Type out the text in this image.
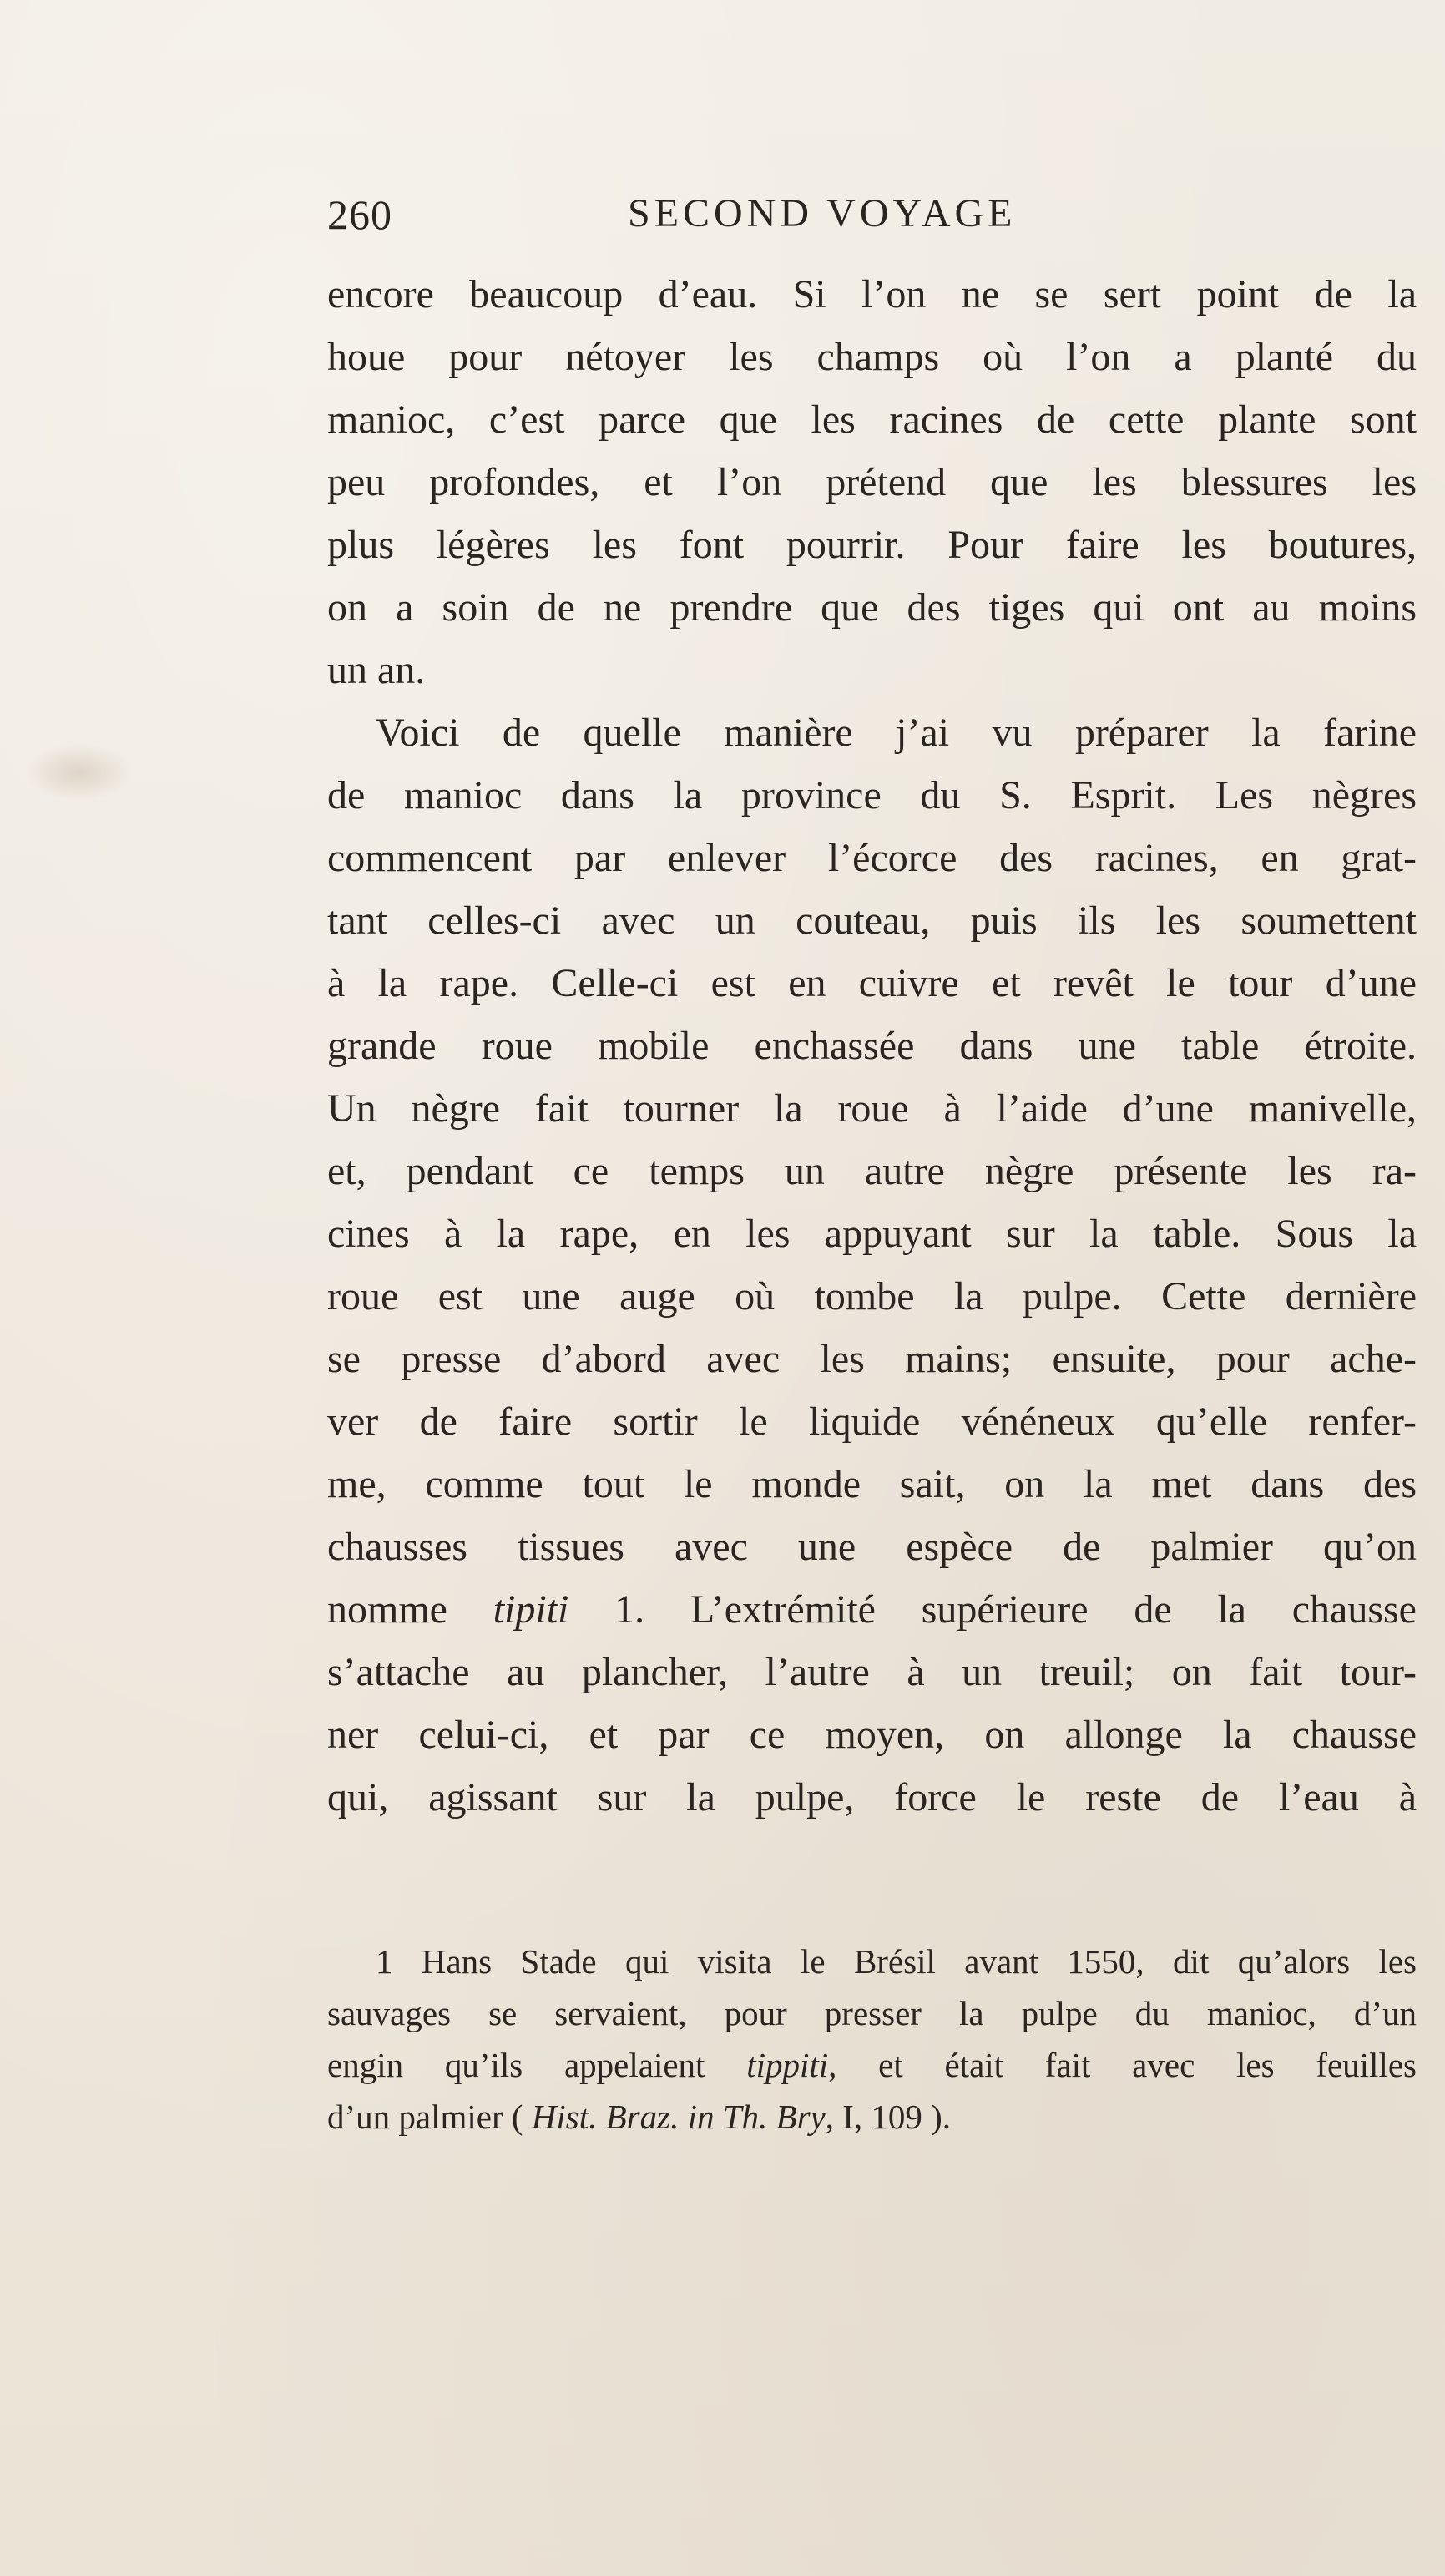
260	SECOND VOYAGE
encore beaucoup d’eau. Si l’on ne se sert point de la
houe pour nétoyer les champs où l’on a planté du
manioc, c’est parce que les racines de cette plante sont
peu profondes, et l’on prétend que les blessures les
plus légères les font pourrir. Pour faire les boutures,
on a soin de ne prendre que des tiges qui ont au moins
un an.
Voici de quelle manière j’ai vu préparer la farine
de manioc dans la province du S. Esprit. Les nègres
commencent par enlever l’écorce des racines, en grat-
tant celles-ci avec un couteau, puis ils les soumettent
à la rape. Celle-ci est en cuivre et revêt le tour d’une
grande roue mobile enchassée dans une table étroite.
Un nègre fait tourner la roue à l’aide d’une manivelle,
et, pendant ce temps un autre nègre présente les ra-
cines à la rape, en les appuyant sur la table. Sous la
roue est une auge où tombe la pulpe. Cette dernière
se presse d’abord avec les mains; ensuite, pour ache-
ver de faire sortir le liquide vénéneux qu’elle renfer-
me, comme tout le monde sait, on la met dans des
chausses tissues avec une espèce de palmier qu’on
nomme tipiti 1. L’extrémité supérieure de la chausse
s’attache au plancher, l’autre à un treuil; on fait tour-
ner celui-ci, et par ce moyen, on allonge la chausse
qui, agissant sur la pulpe, force le reste de l’eau à
1 Hans Stade qui visita le Brésil avant 1550, dit qu’alors les
sauvages se servaient, pour presser la pulpe du manioc, d’un
engin qu’ils appelaient tippiti, et était fait avec les feuilles
d’un palmier ( Hist. Braz. in Th. Bry, I, 109 ).
